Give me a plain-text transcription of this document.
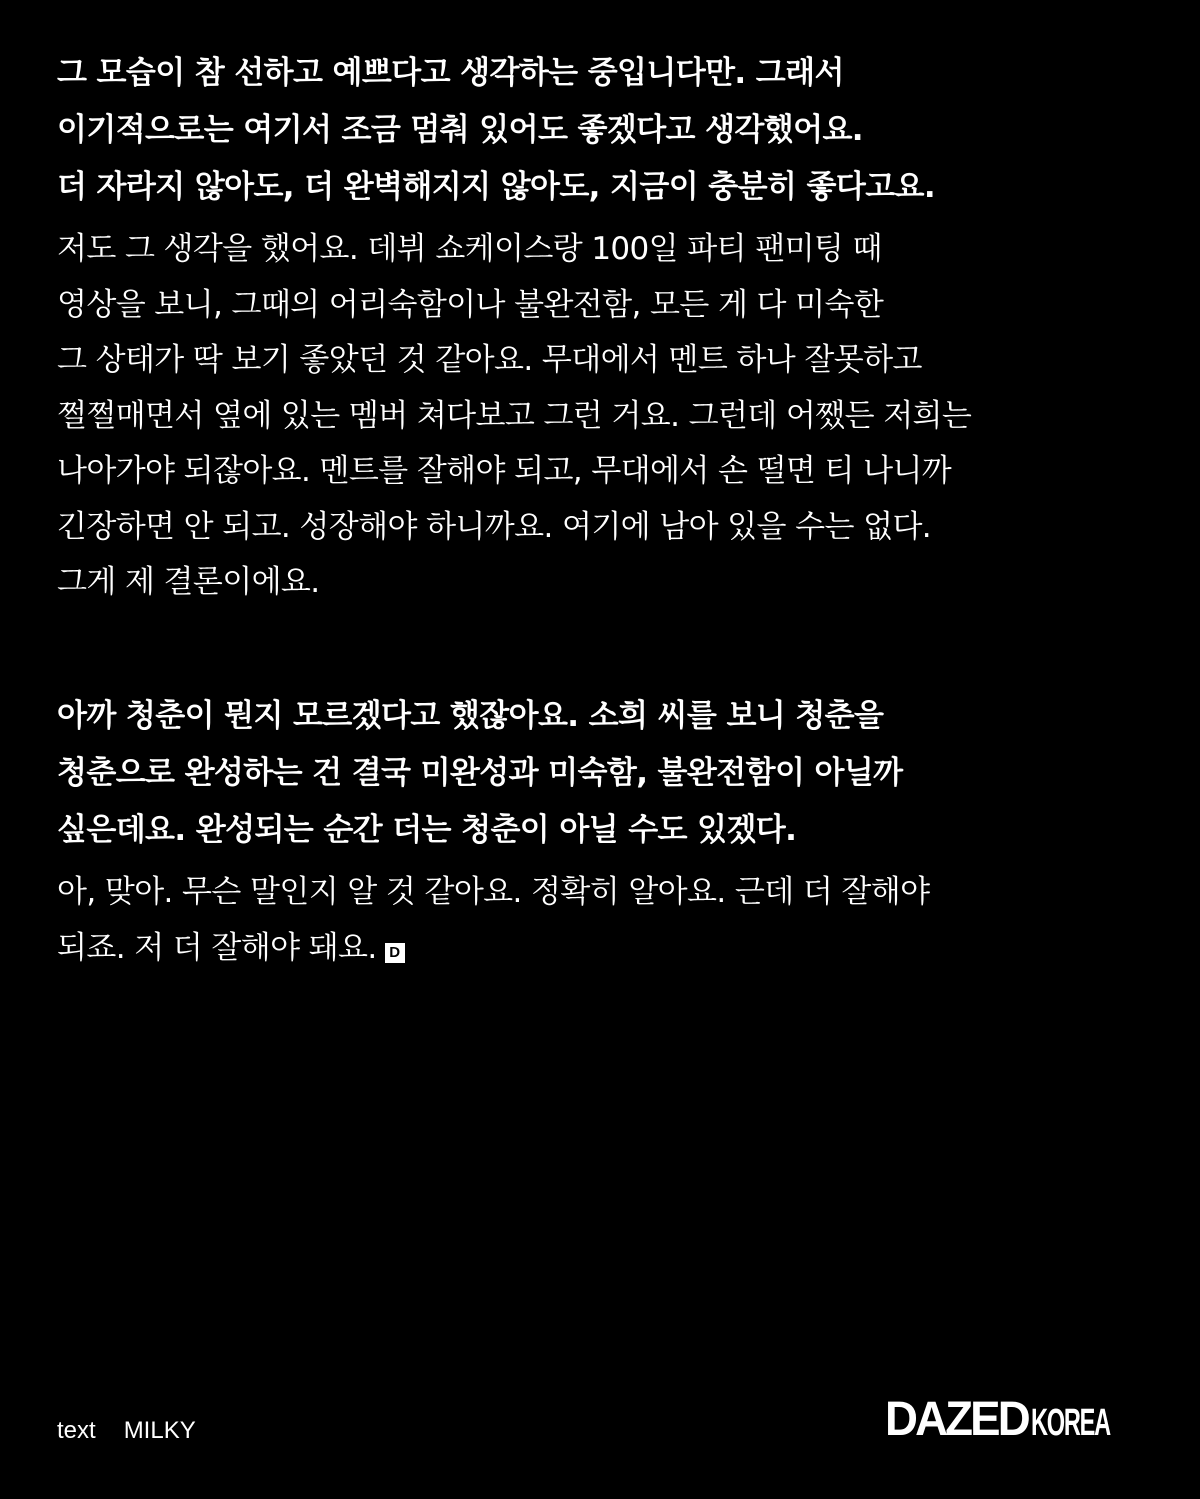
그 모습이 참 선하고 예쁘다고 생각하는 중입니다만. 그래서
이기적으로는 여기서 조금 멈춰 있어도 좋겠다고 생각했어요.
더 자라지 않아도, 더 완벽해지지 않아도, 지금이 충분히 좋다고요.
저도 그 생각을 했어요. 데뷔 쇼케이스랑 100일 파티 팬미팅 때
영상을 보니, 그때의 어리숙함이나 불완전함, 모든 게 다 미숙한
그 상태가 딱 보기 좋았던 것 같아요. 무대에서 멘트 하나 잘못하고
쩔쩔매면서 옆에 있는 멤버 쳐다보고 그런 거요. 그런데 어쨌든 저희는
나아가야 되잖아요. 멘트를 잘해야 되고, 무대에서 손 떨면 티 나니까
긴장하면 안 되고. 성장해야 하니까요. 여기에 남아 있을 수는 없다.
그게 제 결론이에요.
아까 청춘이 뭔지 모르겠다고 했잖아요. 소희 씨를 보니 청춘을
청춘으로 완성하는 건 결국 미완성과 미숙함, 불완전함이 아닐까
싶은데요. 완성되는 순간 더는 청춘이 아닐 수도 있겠다.
아, 맞아. 무슨 말인지 알 것 같아요. 정확히 알아요. 근데 더 잘해야
되죠. 저 더 잘해야 돼요. D
text MILKY	DAZEDKOREA
